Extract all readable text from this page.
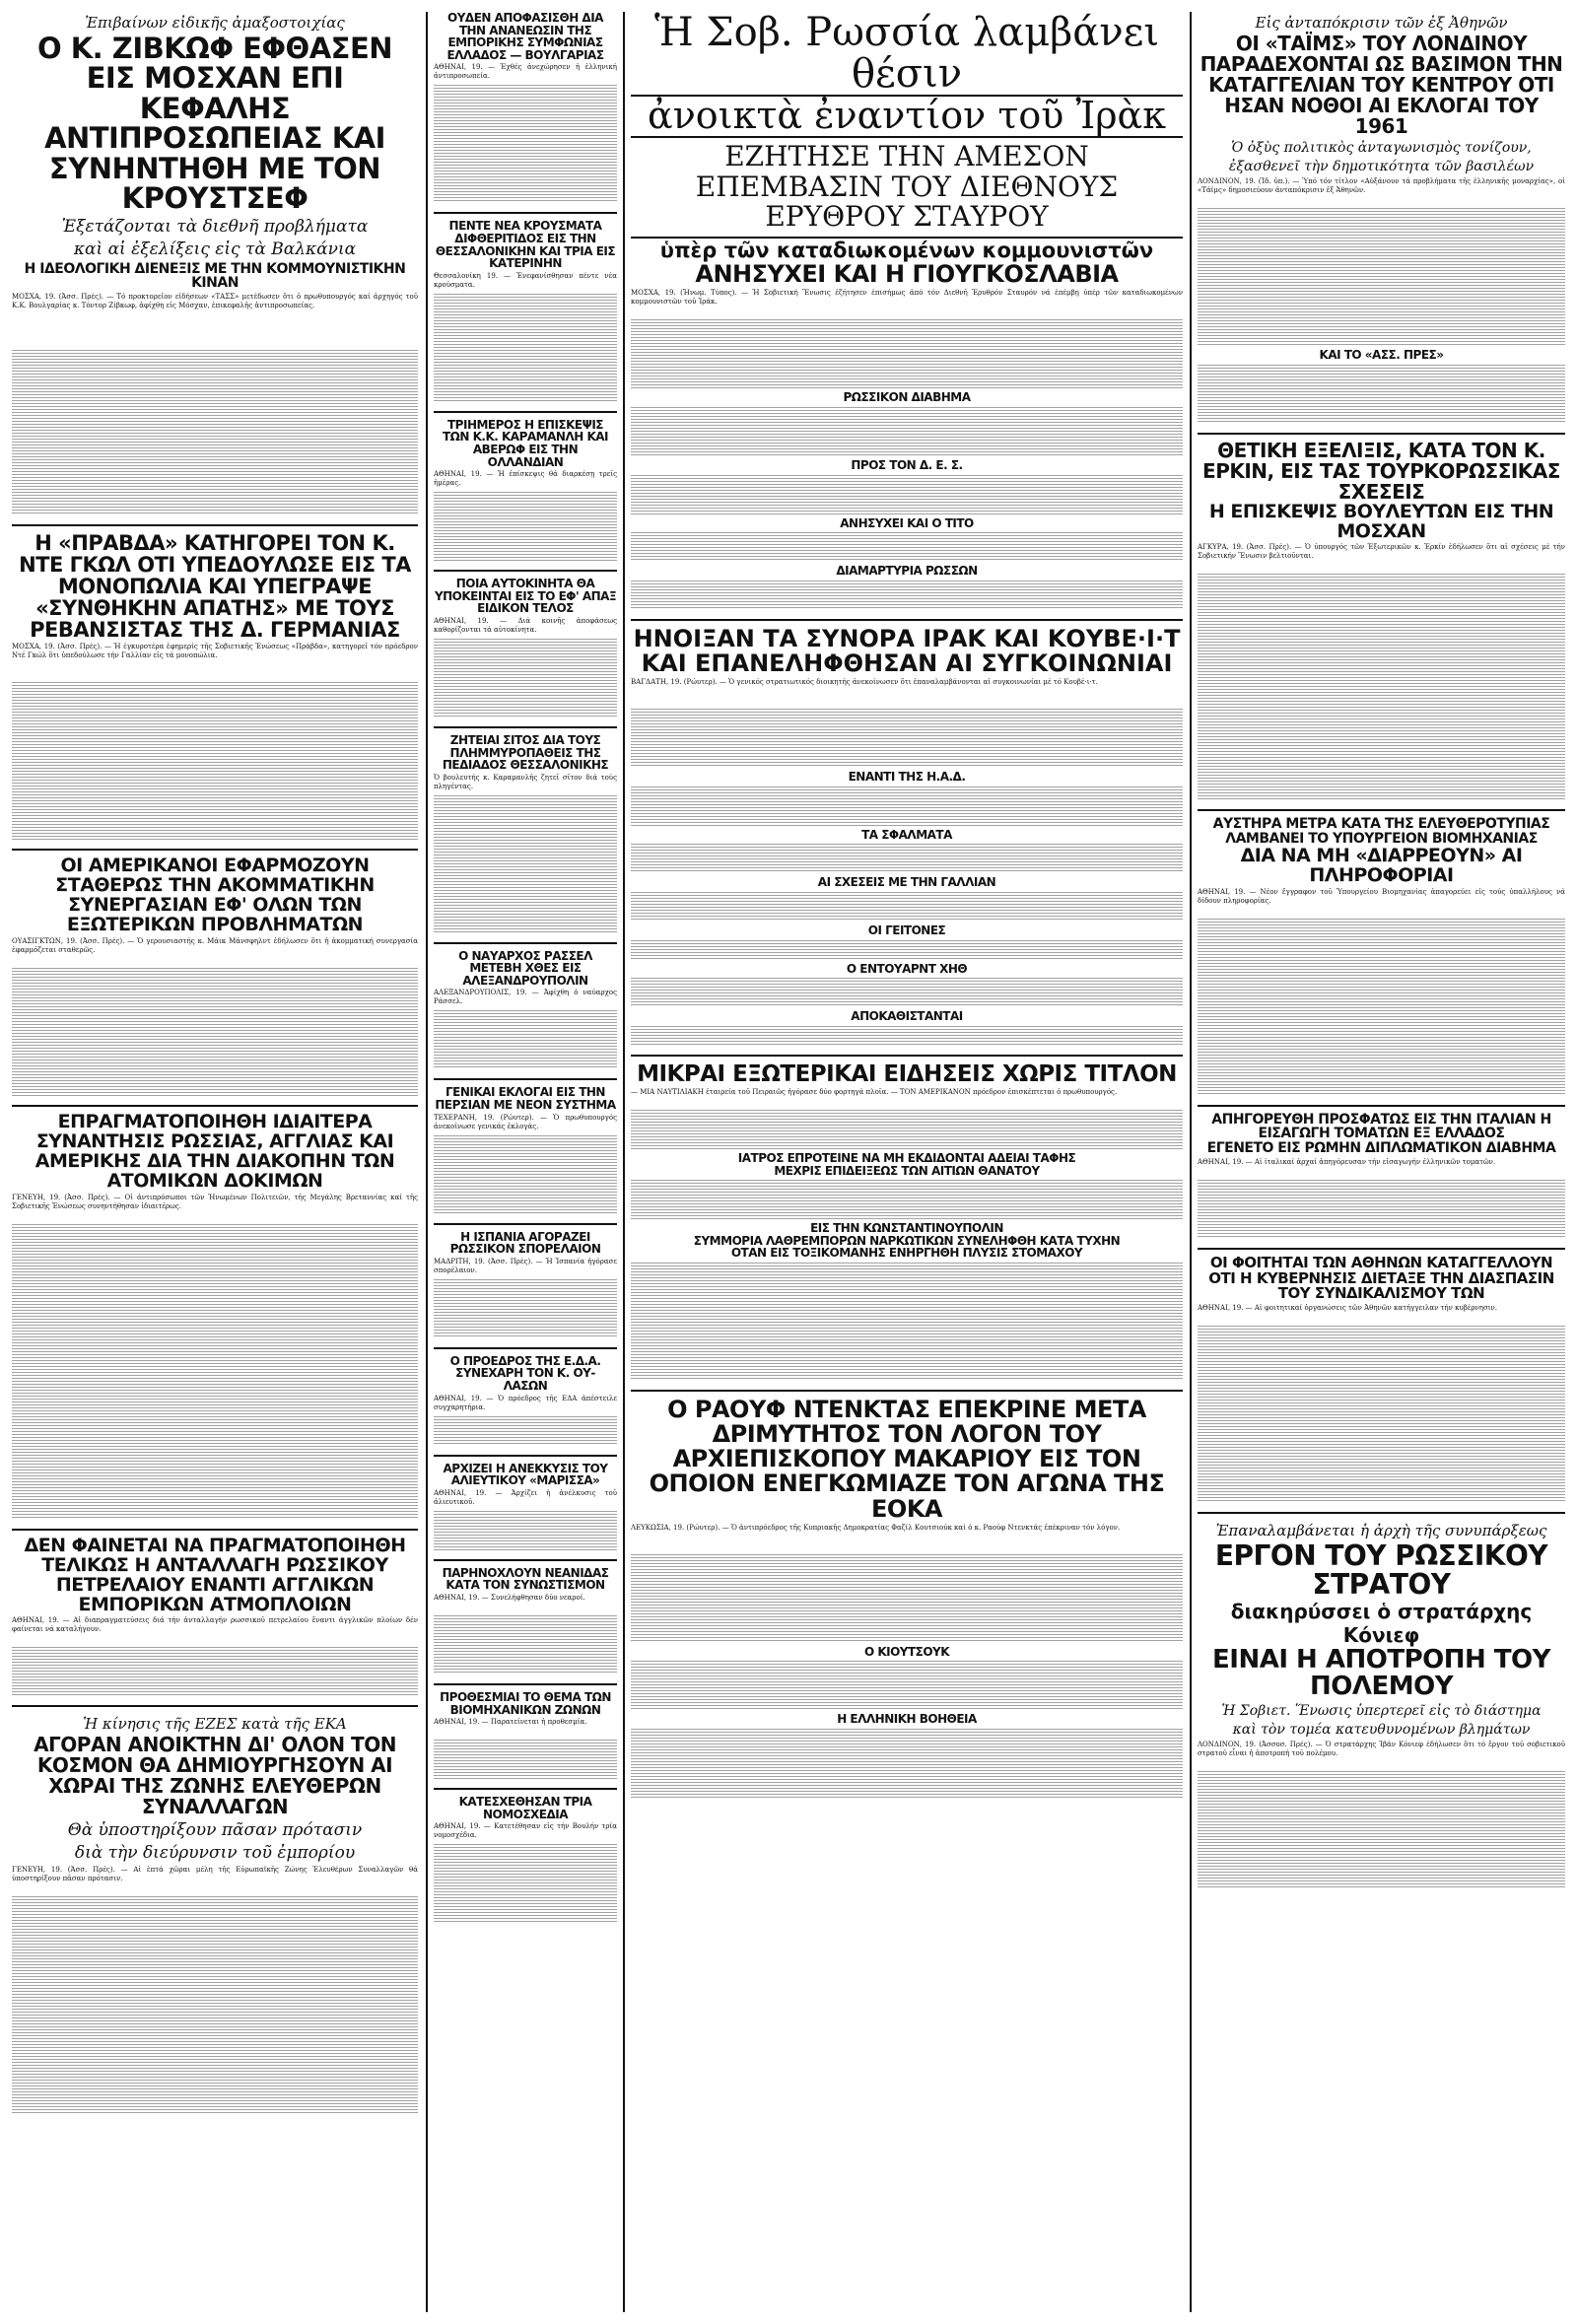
Ἐπιβαίνων εἰδικῆς ἀμαξοστοιχίας
Ο Κ. ΖΙΒΚΩΦ ΕΦΘΑΣΕΝ ΕΙΣ ΜΟΣΧΑΝ ΕΠΙ ΚΕΦΑΛΗΣ ΑΝΤΙΠΡΟΣΩΠΕΙΑΣ ΚΑΙ ΣΥΝΗΝΤΗΘΗ ΜΕ ΤΟΝ ΚΡΟΥΣΤΣΕΦ
Ἐξετάζονται τὰ διεθνῆ προβλήματα
καὶ αἱ ἐξελίξεις εἰς τὰ Βαλκάνια
Η ΙΔΕΟΛΟΓΙΚΗ ΔΙΕΝΕΞΙΣ ΜΕ ΤΗΝ ΚΟΜΜΟΥΝΙΣΤΙΚΗΝ ΚΙΝΑΝ
ΜΟΣΧΑ, 19. (Ἀσσ. Πρές). — Τό προκτορεῖον εἰδήσεων «ΤΑΣΣ» μετέδωσεν ὅτι ὁ πρωθυπουργός καί ἀρχηγός τοῦ Κ.Κ. Βουλγαρίας κ. Τόντορ Ζίβκωφ, ἀφίχθη εἰς Μόσχαν, ἐπικεφαλῆς ἀντιπροσωπείας.
Η «ΠΡΑΒΔΑ» ΚΑΤΗΓΟΡΕΙ ΤΟΝ Κ. ΝΤΕ ΓΚΩΛ ΟΤΙ ΥΠΕΔΟΥΛΩΣΕ ΕΙΣ ΤΑ ΜΟΝΟΠΩΛΙΑ ΚΑΙ ΥΠΕΓΡΑΨΕ «ΣΥΝΘΗΚΗΝ ΑΠΑΤΗΣ» ΜΕ ΤΟΥΣ ΡΕΒΑΝΣΙΣΤΑΣ ΤΗΣ Δ. ΓΕΡΜΑΝΙΑΣ
ΜΟΣΧΑ, 19. (Ἀσσ. Πρές). — Ἡ ἐγκυροτέρα ἐφημερίς τῆς Σοβιετικῆς Ἑνώσεως «Πράβδα», κατηγορεῖ τόν πρόεδρον Ντέ Γκώλ ὅτι ὑπεδούλωσε τήν Γαλλίαν εἰς τά μονοπώλια.
ΟΙ ΑΜΕΡΙΚΑΝΟΙ ΕΦΑΡΜΟΖΟΥΝ ΣΤΑΘΕΡΩΣ ΤΗΝ ΑΚΟΜΜΑΤΙΚΗΝ ΣΥΝΕΡΓΑΣΙΑΝ ΕΦ' ΟΛΩΝ ΤΩΝ ΕΞΩΤΕΡΙΚΩΝ ΠΡΟΒΛΗΜΑΤΩΝ
ΟΥΑΣΙΓΚΤΩΝ, 19. (Ἀσσ. Πρές). — Ὁ γερουσιαστής κ. Μάικ Μάνσφηλντ ἐδήλωσεν ὅτι ἡ ἀκομματική συνεργασία ἐφαρμόζεται σταθερῶς.
ΕΠΡΑΓΜΑΤΟΠΟΙΗΘΗ ΙΔΙΑΙΤΕΡΑ ΣΥΝΑΝΤΗΣΙΣ ΡΩΣΣΙΑΣ, ΑΓΓΛΙΑΣ ΚΑΙ ΑΜΕΡΙΚΗΣ ΔΙΑ ΤΗΝ ΔΙΑΚΟΠΗΝ ΤΩΝ ΑΤΟΜΙΚΩΝ ΔΟΚΙΜΩΝ
ΓΕΝΕΥΗ, 19. (Ἀσσ. Πρές). — Οἱ ἀντιπρόσωποι τῶν Ἡνωμένων Πολιτειῶν, τῆς Μεγάλης Βρεταννίας καί τῆς Σοβιετικῆς Ἑνώσεως συνηντήθησαν ἰδιαιτέρως.
ΔΕΝ ΦΑΙΝΕΤΑΙ ΝΑ ΠΡΑΓΜΑΤΟΠΟΙΗΘΗ ΤΕΛΙΚΩΣ Η ΑΝΤΑΛΛΑΓΗ ΡΩΣΣΙΚΟΥ ΠΕΤΡΕΛΑΙΟΥ ΕΝΑΝΤΙ ΑΓΓΛΙΚΩΝ ΕΜΠΟΡΙΚΩΝ ΑΤΜΟΠΛΟΙΩΝ
ΑΘΗΝΑΙ, 19. — Αἱ διαπραγματεύσεις διά τήν ἀνταλλαγήν ρωσσικοῦ πετρελαίου ἔναντι ἀγγλικῶν πλοίων δέν φαίνεται νά καταλήγουν.
Ἡ κίνησις τῆς ΕΖΕΣ κατὰ τῆς ΕΚΑ
ΑΓΟΡΑΝ ΑΝΟΙΚΤΗΝ ΔΙ' ΟΛΟΝ ΤΟΝ ΚΟΣΜΟΝ ΘΑ ΔΗΜΙΟΥΡΓΗΣΟΥΝ ΑΙ ΧΩΡΑΙ ΤΗΣ ΖΩΝΗΣ ΕΛΕΥΘΕΡΩΝ ΣΥΝΑΛΛΑΓΩΝ
Θὰ ὑποστηρίξουν πᾶσαν πρότασιν
διὰ τὴν διεύρυνσιν τοῦ ἐμπορίου
ΓΕΝΕΥΗ, 19. (Ἀσσ. Πρές). — Αἱ ἑπτά χῶραι μέλη τῆς Εὐρωπαϊκῆς Ζώνης Ἐλευθέρων Συναλλαγῶν θά ὑποστηρίξουν πᾶσαν πρότασιν.
ΟΥΔΕΝ ΑΠΟΦΑΣΙΣΘΗ ΔΙΑ ΤΗΝ ΑΝΑΝΕΩΣΙΝ ΤΗΣ ΕΜΠΟΡΙΚΗΣ ΣΥΜΦΩΝΙΑΣ ΕΛΛΑΔΟΣ — ΒΟΥΛΓΑΡΙΑΣ
ΑΘΗΝΑΙ, 19. — Ἐχθές ἀνεχώρησεν ἡ ἐλληνική ἀντιπροσωπεία.
ΠΕΝΤΕ ΝΕΑ ΚΡΟΥΣΜΑΤΑ ΔΙΦΘΕΡΙΤΙΔΟΣ ΕΙΣ ΤΗΝ ΘΕΣΣΑΛΟΝΙΚΗΝ ΚΑΙ ΤΡΙΑ ΕΙΣ ΚΑΤΕΡΙΝΗΝ
Θεσσαλονίκη 19. — Ἐνεφανίσθησαν πέντε νέα κρούσματα.
ΤΡΙΗΜΕΡΟΣ Η ΕΠΙΣΚΕΨΙΣ ΤΩΝ Κ.Κ. ΚΑΡΑΜΑΝΛΗ ΚΑΙ ΑΒΕΡΩΦ ΕΙΣ ΤΗΝ ΟΛΛΑΝΔΙΑΝ
ΑΘΗΝΑΙ, 19. — Ἡ ἐπίσκεψις θά διαρκέσῃ τρεῖς ἡμέρας.
ΠΟΙΑ ΑΥΤΟΚΙΝΗΤΑ ΘΑ ΥΠΟΚΕΙΝΤΑΙ ΕΙΣ ΤΟ ΕΦ' ΑΠΑΞ ΕΙΔΙΚΟΝ ΤΕΛΟΣ
ΑΘΗΝΑΙ, 19. — Διά κοινῆς ἀποφάσεως καθορίζονται τά αὐτοκίνητα.
ΖΗΤΕΙΑΙ ΣΙΤΟΣ ΔΙΑ ΤΟΥΣ ΠΛΗΜΜΥΡΟΠΑΘΕΙΣ ΤΗΣ ΠΕΔΙΑΔΟΣ ΘΕΣΣΑΛΟΝΙΚΗΣ
Ὁ βουλευτής κ. Καραμανλῆς ζητεῖ σῖτον διά τούς πληγέντας.
Ο ΝΑΥΑΡΧΟΣ ΡΑΣΣΕΛ ΜΕΤΕΒΗ ΧΘΕΣ ΕΙΣ ΑΛΕΞΑΝΔΡΟΥΠΟΛΙΝ
ΑΛΕΞΑΝΔΡΟΥΠΟΛΙΣ, 19. — Ἀφίχθη ὁ ναύαρχος Ράσσελ.
ΓΕΝΙΚΑΙ ΕΚΛΟΓΑΙ ΕΙΣ ΤΗΝ ΠΕΡΣΙΑΝ ΜΕ ΝΕΟΝ ΣΥΣΤΗΜΑ
ΤΕΧΕΡΑΝΗ, 19. (Ρώυτερ). — Ὁ πρωθυπουργός ἀνεκοίνωσε γενικάς ἐκλογάς.
Η ΙΣΠΑΝΙΑ ΑΓΟΡΑΖΕΙ ΡΩΣΣΙΚΟΝ ΣΠΟΡΕΛΑΙΟΝ
ΜΑΔΡΙΤΗ, 19. (Ἀσσ. Πρές). — Ἡ Ἰσπανία ἠγόρασε σπορέλαιον.
Ο ΠΡΟΕΔΡΟΣ ΤΗΣ Ε.Δ.Α. ΣΥΝΕΧΑΡΗ ΤΟΝ Κ. ΟΥ-ΛΑΣΩΝ
ΑΘΗΝΑΙ, 19. — Ὁ πρόεδρος τῆς ΕΔΑ ἀπέστειλε συγχαρητήρια.
ΑΡΧΙΖΕΙ Η ΑΝΕΚΚΥΣΙΣ ΤΟΥ ΑΛΙΕΥΤΙΚΟΥ «ΜΑΡΙΣΣΑ»
ΑΘΗΝΑΙ, 19. — Ἀρχίζει ἡ ἀνέλκυσις τοῦ ἀλιευτικοῦ.
ΠΑΡΗΝΟΧΛΟΥΝ ΝΕΑΝΙΔΑΣ ΚΑΤΑ ΤΟΝ ΣΥΝΩΣΤΙΣΜΟΝ
ΑΘΗΝΑΙ, 19. — Συνελήφθησαν δύο νεαροί.
ΠΡΟΘΕΣΜΙΑΙ ΤΟ ΘΕΜΑ ΤΩΝ ΒΙΟΜΗΧΑΝΙΚΩΝ ΖΩΝΩΝ
ΑΘΗΝΑΙ, 19. — Παρατείνεται ἡ προθεσμία.
ΚΑΤΕΣΧΕΘΗΣΑΝ ΤΡΙΑ ΝΟΜΟΣΧΕΔΙΑ
ΑΘΗΝΑΙ, 19. — Κατετέθησαν εἰς τήν Βουλήν τρία νομοσχέδια.
Ἡ Σοβ. Ρωσσία λαμβάνει θέσιν
ἀνοικτὰ ἐναντίον τοῦ Ἰρὰκ
ΕΖΗΤΗΣΕ ΤΗΝ ΑΜΕΣΟΝ ΕΠΕΜΒΑΣΙΝ ΤΟΥ ΔΙΕΘΝΟΥΣ ΕΡΥΘΡΟΥ ΣΤΑΥΡΟΥ
ὑπὲρ τῶν καταδιωκομένων κομμουνιστῶν
ΑΝΗΣΥΧΕΙ ΚΑΙ Η ΓΙΟΥΓΚΟΣΛΑΒΙΑ
ΜΟΣΧΑ, 19. (Ἡνωμ. Τύπος). — Ἡ Σοβιετική Ἕνωσις ἐζήτησεν ἐπισήμως ἀπό τόν Διεθνῆ Ἐρυθρόν Σταυρόν νά ἐπέμβῃ ὑπέρ τῶν καταδιωκομένων κομμουνιστῶν τοῦ Ἰράκ.
ΡΩΣΣΙΚΟΝ ΔΙΑΒΗΜΑ
ΠΡΟΣ ΤΟΝ Δ. Ε. Σ.
ΑΝΗΣΥΧΕΙ ΚΑΙ Ο ΤΙΤΟ
ΔΙΑΜΑΡΤΥΡΙΑ ΡΩΣΣΩΝ
ΗΝΟΙΞΑΝ ΤΑ ΣΥΝΟΡΑ ΙΡΑΚ ΚΑΙ ΚΟΥΒΕ·Ι·Τ ΚΑΙ ΕΠΑΝΕΛΗΦΘΗΣΑΝ ΑΙ ΣΥΓΚΟΙΝΩΝΙΑΙ
ΒΑΓΔΑΤΗ, 19. (Ρώυτερ). — Ὁ γενικός στρατιωτικός διοικητής ἀνεκοίνωσεν ὅτι ἐπαναλαμβάνονται αἱ συγκοινωνίαι μέ τό Κουβέ·ι·τ.
ΕΝΑΝΤΙ ΤΗΣ Η.Α.Δ.
ΤΑ ΣΦΑΛΜΑΤΑ
ΑΙ ΣΧΕΣΕΙΣ ΜΕ ΤΗΝ ΓΑΛΛΙΑΝ
ΟΙ ΓΕΙΤΟΝΕΣ
Ο ΕΝΤΟΥΑΡΝΤ ΧΗΘ
ΑΠΟΚΑΘΙΣΤΑΝΤΑΙ
ΜΙΚΡΑΙ ΕΞΩΤΕΡΙΚΑΙ ΕΙΔΗΣΕΙΣ ΧΩΡΙΣ ΤΙΤΛΟΝ
— ΜΙΑ ΝΑΥΤΙΛΙΑΚΗ ἑταιρεία τοῦ Πειραιῶς ἠγόρασε δύο φορτηγά πλοῖα. — ΤΟΝ ΑΜΕΡΙΚΑΝΟΝ πρόεδρον ἐπισκέπτεται ὁ πρωθυπουργός.
ΙΑΤΡΟΣ ΕΠΡΟΤΕΙΝΕ ΝΑ ΜΗ ΕΚΔΙΔΟΝΤΑΙ ΑΔΕΙΑΙ ΤΑΦΗΣ
ΜΕΧΡΙΣ ΕΠΙΔΕΙΞΕΩΣ ΤΩΝ ΑΙΤΙΩΝ ΘΑΝΑΤΟΥ
ΕΙΣ ΤΗΝ ΚΩΝΣΤΑΝΤΙΝΟΥΠΟΛΙΝ
ΣΥΜΜΟΡΙΑ ΛΑΘΡΕΜΠΟΡΩΝ ΝΑΡΚΩΤΙΚΩΝ ΣΥΝΕΛΗΦΘΗ ΚΑΤΑ ΤΥΧΗΝ
ΟΤΑΝ ΕΙΣ ΤΟΞΙΚΟΜΑΝΗΣ ΕΝΗΡΓΗΘΗ ΠΛΥΣΙΣ ΣΤΟΜΑΧΟΥ
Ο ΡΑΟΥΦ ΝΤΕΝΚΤΑΣ ΕΠΕΚΡΙΝΕ ΜΕΤΑ ΔΡΙΜΥΤΗΤΟΣ ΤΟΝ ΛΟΓΟΝ ΤΟΥ ΑΡΧΙΕΠΙΣΚΟΠΟΥ ΜΑΚΑΡΙΟΥ ΕΙΣ ΤΟΝ ΟΠΟΙΟΝ ΕΝΕΓΚΩΜΙΑΖΕ ΤΟΝ ΑΓΩΝΑ ΤΗΣ ΕΟΚΑ
ΛΕΥΚΩΣΙΑ, 19. (Ρώυτερ). — Ὁ ἀντιπρόεδρος τῆς Κυπριακῆς Δημοκρατίας Φαζίλ Κουτσιούκ καί ὁ κ. Ραούφ Ντενκτάς ἐπέκριναν τόν λόγον.
Ο ΚΙΟΥΤΣΟΥΚ
Η ΕΛΛΗΝΙΚΗ ΒΟΗΘΕΙΑ
Εἰς ἀνταπόκρισιν τῶν ἐξ Ἀθηνῶν
ΟΙ «ΤΑΪΜΣ» ΤΟΥ ΛΟΝΔΙΝΟΥ ΠΑΡΑΔΕΧΟΝΤΑΙ ΩΣ ΒΑΣΙΜΟΝ ΤΗΝ ΚΑΤΑΓΓΕΛΙΑΝ ΤΟΥ ΚΕΝΤΡΟΥ ΟΤΙ ΗΣΑΝ ΝΟΘΟΙ ΑΙ ΕΚΛΟΓΑΙ ΤΟΥ 1961
Ὁ ὀξὺς πολιτικὸς ἀνταγωνισμὸς τονίζουν,
ἐξασθενεῖ τὴν δημοτικότητα τῶν βασιλέων
ΛΟΝΔΙΝΟΝ, 19. (Ἰδ. ὑπ.). — Ὑπό τόν τίτλον «Αὐξάνουν τά προβλήματα τῆς ἑλληνικῆς μοναρχίας», οἱ «Τάϊμς» δημοσιεύουν ἀνταπόκρισιν ἐξ Ἀθηνῶν.
ΚΑΙ ΤΟ «ΑΣΣ. ΠΡΕΣ»
ΘΕΤΙΚΗ ΕΞΕΛΙΞΙΣ, ΚΑΤΑ ΤΟΝ Κ. ΕΡΚΙΝ, ΕΙΣ ΤΑΣ ΤΟΥΡΚΟΡΩΣΣΙΚΑΣ ΣΧΕΣΕΙΣ
Η ΕΠΙΣΚΕΨΙΣ ΒΟΥΛΕΥΤΩΝ ΕΙΣ ΤΗΝ ΜΟΣΧΑΝ
ΑΓΚΥΡΑ, 19. (Ἀσσ. Πρές). — Ὁ ὑπουργός τῶν Ἐξωτερικῶν κ. Ἐρκίν ἐδήλωσεν ὅτι αἱ σχέσεις μέ τήν Σοβιετικήν Ἕνωσιν βελτιοῦνται.
ΑΥΣΤΗΡΑ ΜΕΤΡΑ ΚΑΤΑ ΤΗΣ ΕΛΕΥΘΕΡΟΤΥΠΙΑΣ ΛΑΜΒΑΝΕΙ ΤΟ ΥΠΟΥΡΓΕΙΟΝ ΒΙΟΜΗΧΑΝΙΑΣ
ΔΙΑ ΝΑ ΜΗ «ΔΙΑΡΡΕΟΥΝ» ΑΙ ΠΛΗΡΟΦΟΡΙΑΙ
ΑΘΗΝΑΙ, 19. — Νέον ἔγγραφον τοῦ Ὑπουργείου Βιομηχανίας ἀπαγορεύει εἰς τούς ὑπαλλήλους νά δίδουν πληροφορίας.
ΑΠΗΓΟΡΕΥΘΗ ΠΡΟΣΦΑΤΩΣ ΕΙΣ ΤΗΝ ΙΤΑΛΙΑΝ Η ΕΙΣΑΓΩΓΗ ΤΟΜΑΤΩΝ ΕΞ ΕΛΛΑΔΟΣ
ΕΓΕΝΕΤΟ ΕΙΣ ΡΩΜΗΝ ΔΙΠΛΩΜΑΤΙΚΟΝ ΔΙΑΒΗΜΑ
ΑΘΗΝΑΙ, 19. — Αἱ ἰταλικαί ἀρχαί ἀπηγόρευσαν τήν εἰσαγωγήν ἑλληνικῶν τοματῶν.
ΟΙ ΦΟΙΤΗΤΑΙ ΤΩΝ ΑΘΗΝΩΝ ΚΑΤΑΓΓΕΛΛΟΥΝ ΟΤΙ Η ΚΥΒΕΡΝΗΣΙΣ ΔΙΕΤΑΞΕ ΤΗΝ ΔΙΑΣΠΑΣΙΝ ΤΟΥ ΣΥΝΔΙΚΑΛΙΣΜΟΥ ΤΩΝ
ΑΘΗΝΑΙ, 19. — Αἱ φοιτητικαί ὀργανώσεις τῶν Ἀθηνῶν κατήγγειλαν τήν κυβέρνησιν.
Ἐπαναλαμβάνεται ἡ ἀρχὴ τῆς συνυπάρξεως
ΕΡΓΟΝ ΤΟΥ ΡΩΣΣΙΚΟΥ ΣΤΡΑΤΟΥ
διακηρύσσει ὁ στρατάρχης Κόνιεφ
ΕΙΝΑΙ Η ΑΠΟΤΡΟΠΗ ΤΟΥ ΠΟΛΕΜΟΥ
Ἡ Σοβιετ. Ἕνωσις ὑπερτερεῖ εἰς τὸ διάστημα
καὶ τὸν τομέα κατευθυνομένων βλημάτων
ΛΟΝΔΙΝΟΝ, 19. (Ἀσσοσ. Πρές). — Ὁ στρατάρχης Ἰβάν Κόνιεφ ἐδήλωσεν ὅτι τό ἔργον τοῦ σοβιετικοῦ στρατοῦ εἶναι ἡ ἀποτροπή τοῦ πολέμου.
